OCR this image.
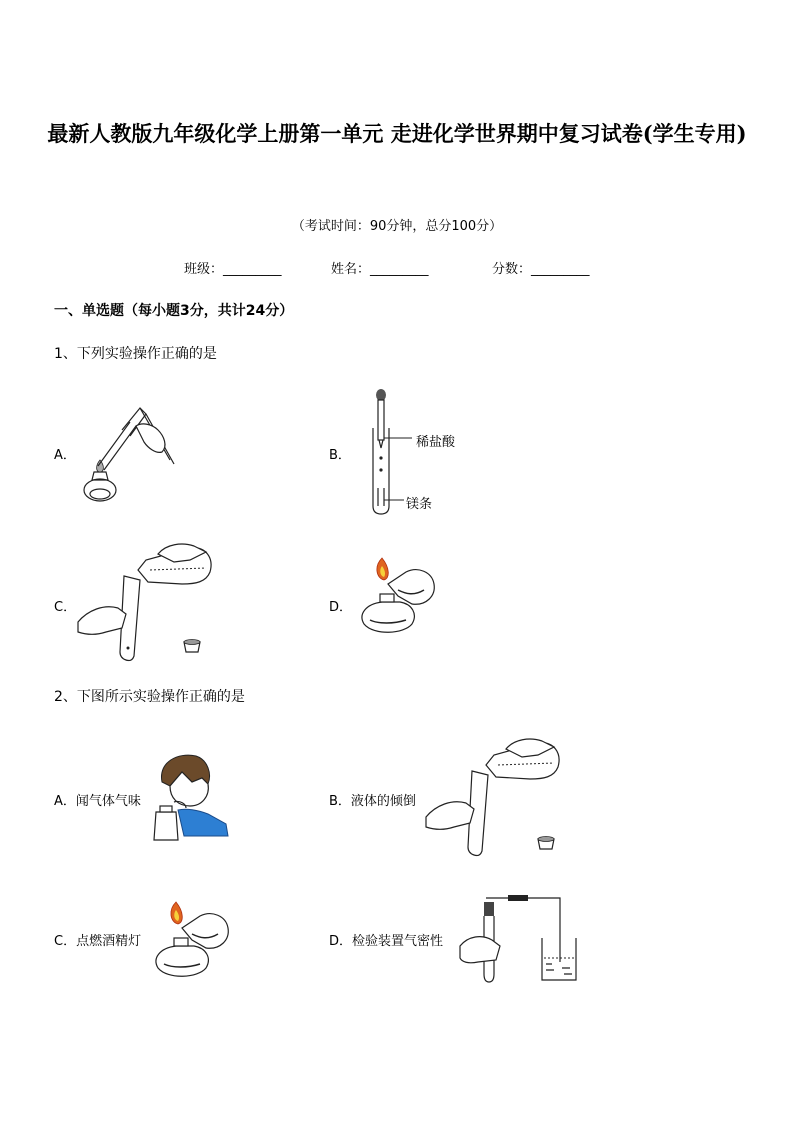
最新人教版九年级化学上册第一单元 走进化学世界期中复习试卷(学生专用)
（考试时间：90分钟，总分100分）
班级：_________	姓名：_________	分数：_________
一、单选题（每小题3分，共计24分）
1、下列实验操作正确的是
A．	B．
稀盐酸
镁条
C．	D．
2、下图所示实验操作正确的是
A．闻气体气味	B．液体的倾倒
C．点燃酒精灯	D．检验装置气密性
